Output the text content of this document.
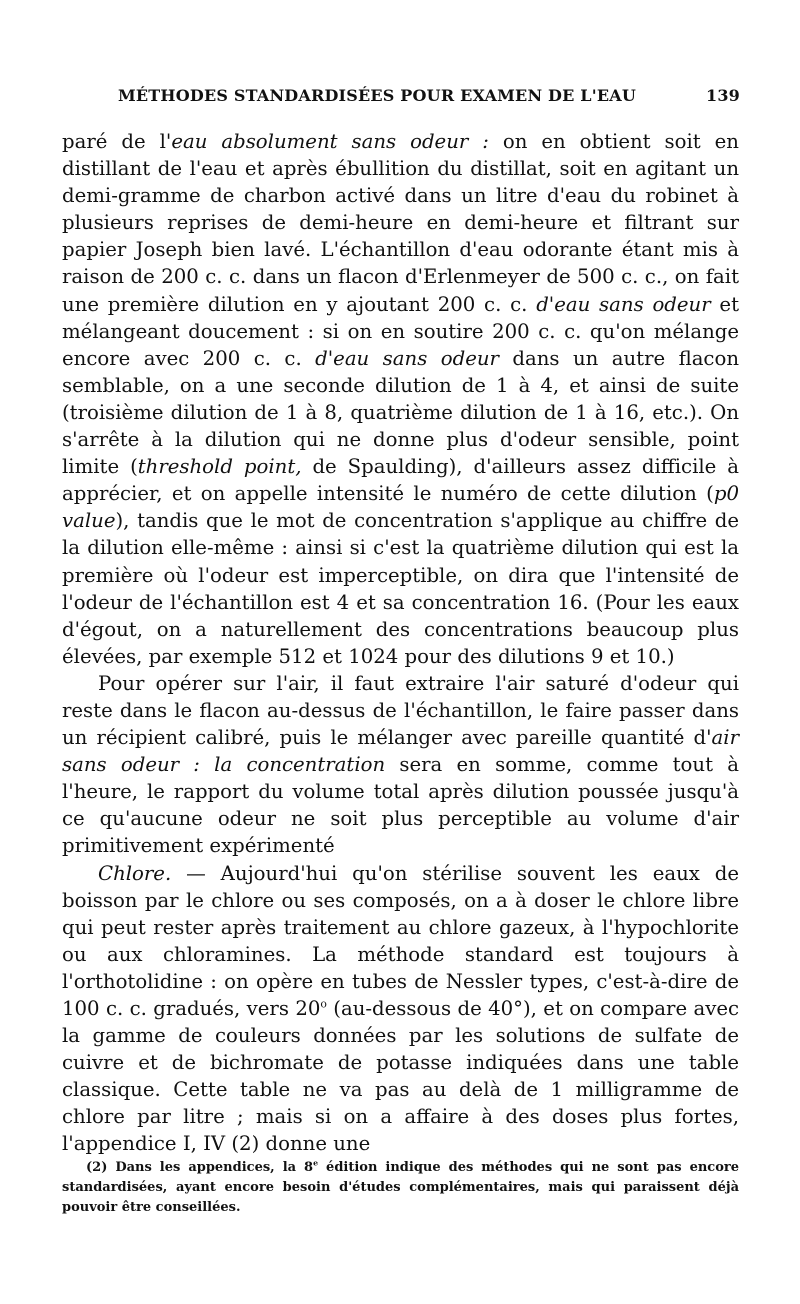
MÉTHODES STANDARDISÉES POUR EXAMEN DE L'EAU	139

paré de l'eau absolument sans odeur : on en obtient soit en distillant de l'eau et après ébullition du distillat, soit en agitant un demi-gramme de charbon activé dans un litre d'eau du robinet à plusieurs reprises de demi-heure en demi-heure et filtrant sur papier Joseph bien lavé. L'échantillon d'eau odorante étant mis à raison de 200 c. c. dans un flacon d'Erlenmeyer de 500 c. c., on fait une première dilution en y ajoutant 200 c. c. d'eau sans odeur et mélangeant doucement : si on en soutire 200 c. c. qu'on mélange encore avec 200 c. c. d'eau sans odeur dans un autre flacon semblable, on a une seconde dilution de 1 à 4, et ainsi de suite (troisième dilution de 1 à 8, quatrième dilution de 1 à 16, etc.). On s'arrête à la dilution qui ne donne plus d'odeur sensible, point limite (threshold point, de Spaulding), d'ailleurs assez difficile à apprécier, et on appelle intensité le numéro de cette dilution (p0 value), tandis que le mot de concentration s'applique au chiffre de la dilution elle-même : ainsi si c'est la quatrième dilution qui est la première où l'odeur est imperceptible, on dira que l'intensité de l'odeur de l'échantillon est 4 et sa concentration 16. (Pour les eaux d'égout, on a naturellement des concentrations beaucoup plus élevées, par exemple 512 et 1024 pour des dilutions 9 et 10.)

Pour opérer sur l'air, il faut extraire l'air saturé d'odeur qui reste dans le flacon au-dessus de l'échantillon, le faire passer dans un récipient calibré, puis le mélanger avec pareille quantité d'air sans odeur : la concentration sera en somme, comme tout à l'heure, le rapport du volume total après dilution poussée jusqu'à ce qu'aucune odeur ne soit plus perceptible au volume d'air primitivement expérimenté

Chlore. — Aujourd'hui qu'on stérilise souvent les eaux de boisson par le chlore ou ses composés, on a à doser le chlore libre qui peut rester après traitement au chlore gazeux, à l'hypochlorite ou aux chloramines. La méthode standard est toujours à l'orthotolidine : on opère en tubes de Nessler types, c'est-à-dire de 100 c. c. gradués, vers 20$^o$ (au-dessous de 40°), et on compare avec la gamme de couleurs données par les solutions de sulfate de cuivre et de bichromate de potasse indiquées dans une table classique. Cette table ne va pas au delà de 1 milligramme de chlore par litre ; mais si on a affaire à des doses plus fortes, l'appendice I, IV (2) donne une

(2) Dans les appendices, la 8e édition indique des méthodes qui ne sont pas encore standardisées, ayant encore besoin d'études complémentaires, mais qui paraissent déjà pouvoir être conseillées.
